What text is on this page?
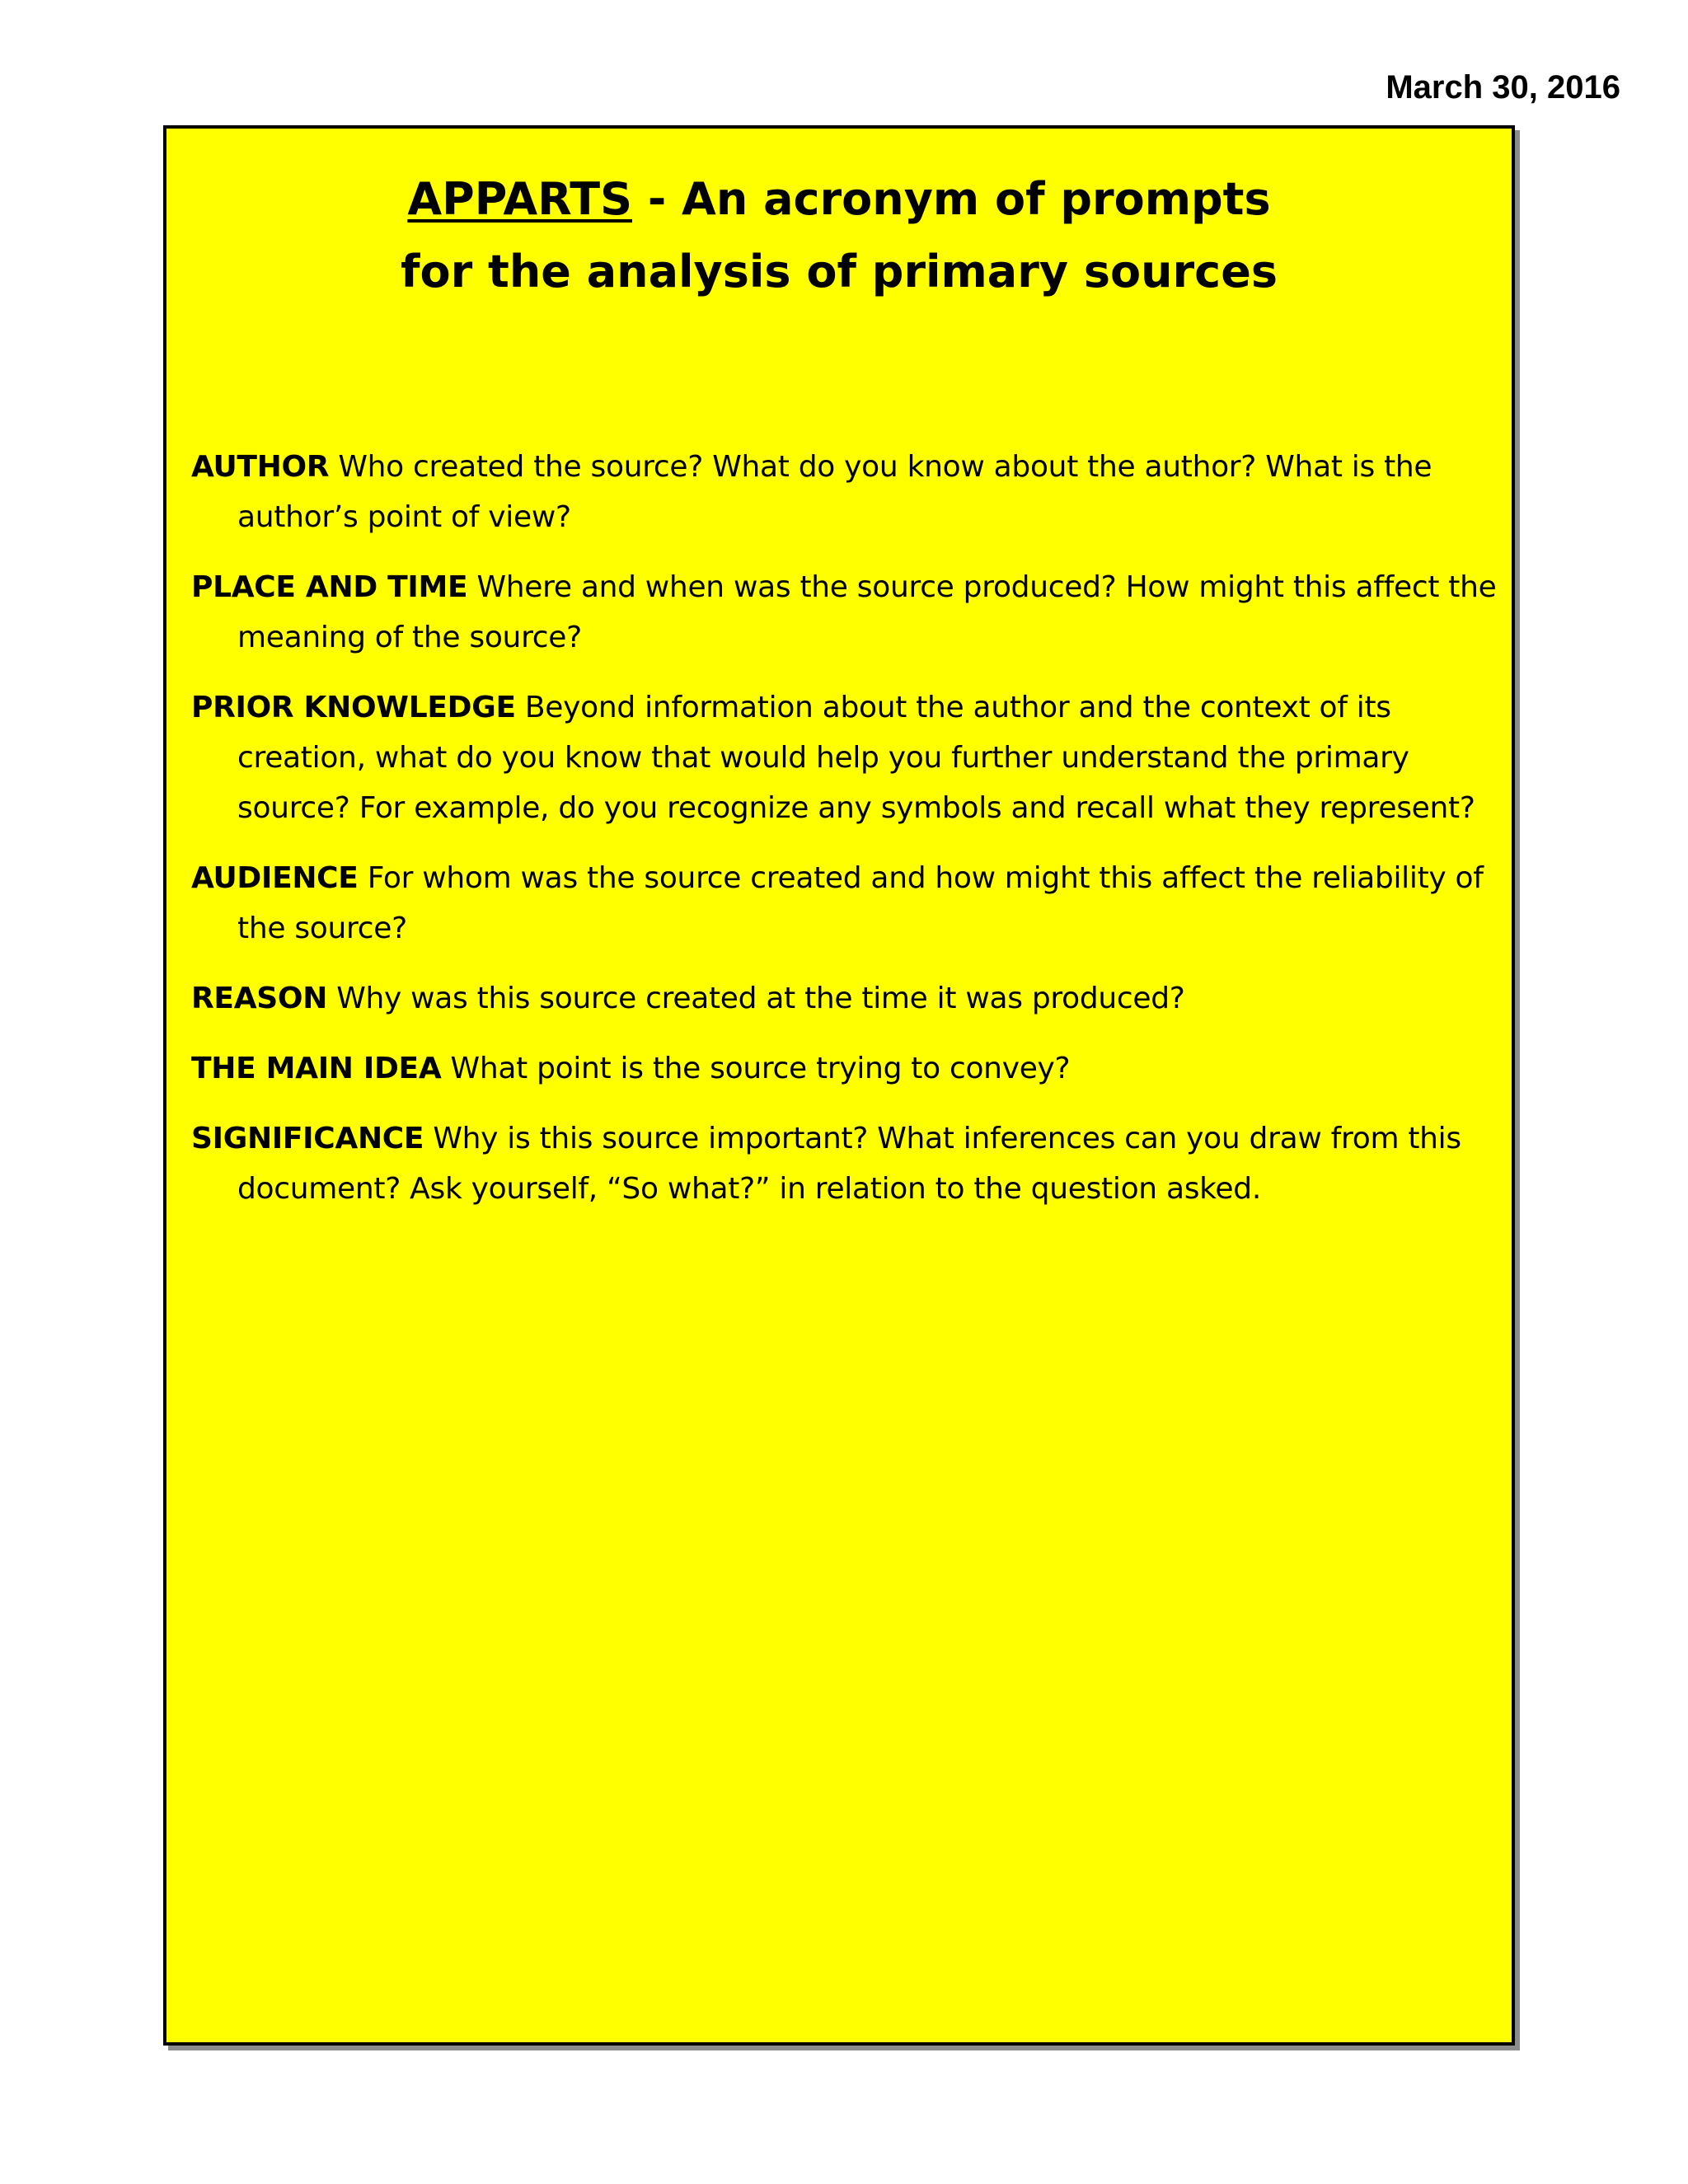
March 30, 2016
APPARTS - An acronym of prompts
for the analysis of primary sources
AUTHOR Who created the source? What do you know about the author? What is the author’s point of view?
PLACE AND TIME Where and when was the source produced? How might this affect the meaning of the source?
PRIOR KNOWLEDGE Beyond information about the author and the context of its creation, what do you know that would help you further understand the primary source? For example, do you recognize any symbols and recall what they represent?
AUDIENCE For whom was the source created and how might this affect the reliability of the source?
REASON Why was this source created at the time it was produced?
THE MAIN IDEA What point is the source trying to convey?
SIGNIFICANCE Why is this source important? What inferences can you draw from this document? Ask yourself, “So what?” in relation to the question asked.
